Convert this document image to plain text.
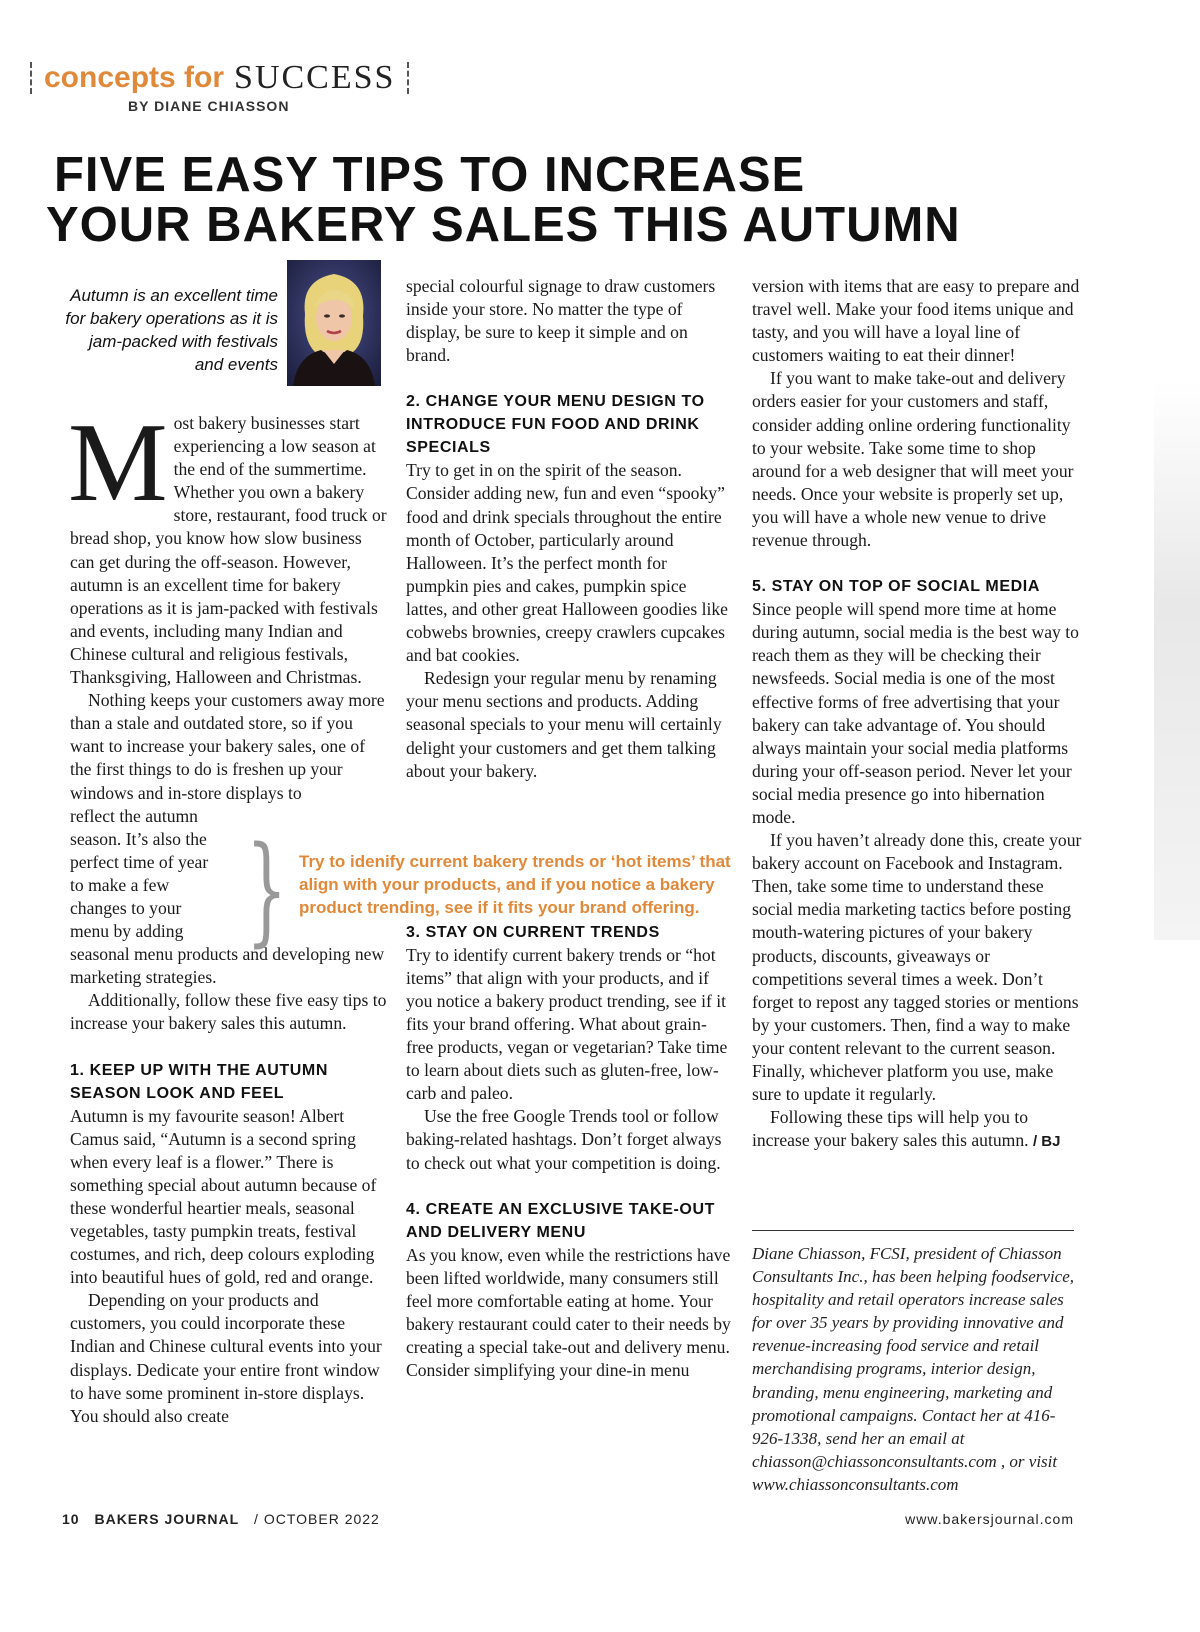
concepts for SUCCESS
BY DIANE CHIASSON
FIVE EASY TIPS TO INCREASE
YOUR BAKERY SALES THIS AUTUMN
Autumn is an excellent time for bakery operations as it is jam-packed with festivals and events

Most bakery businesses start experiencing a low season at the end of the summertime. Whether you own a bakery store, restaurant, food truck or bread shop, you know how slow business can get during the off-season. However, autumn is an excellent time for bakery operations as it is jam-packed with festivals and events, including many Indian and Chinese cultural and religious festivals, Thanksgiving, Halloween and Christmas.

Nothing keeps your customers away more than a stale and outdated store, so if you want to increase your bakery sales, one of the first things to do is freshen up your windows and in-store displays to

reflect the autumn season. It’s also the perfect time of year to make a few changes to your menu by adding

seasonal menu products and developing new marketing strategies.

Additionally, follow these five easy tips to increase your bakery sales this autumn.

1. KEEP UP WITH THE AUTUMN SEASON LOOK AND FEEL

Autumn is my favourite season! Albert Camus said, “Autumn is a second spring when every leaf is a flower.” There is something special about autumn because of these wonderful heartier meals, seasonal vegetables, tasty pumpkin treats, festival costumes, and rich, deep colours exploding into beautiful hues of gold, red and orange.

Depending on your products and customers, you could incorporate these Indian and Chinese cultural events into your displays. Dedicate your entire front window to have some prominent in-store displays. You should also create

special colourful signage to draw customers inside your store. No matter the type of display, be sure to keep it simple and on brand.

2. CHANGE YOUR MENU DESIGN TO INTRODUCE FUN FOOD AND DRINK SPECIALS

Try to get in on the spirit of the season. Consider adding new, fun and even “spooky” food and drink specials throughout the entire month of October, particularly around Halloween. It’s the perfect month for pumpkin pies and cakes, pumpkin spice lattes, and other great Halloween goodies like cobwebs brownies, creepy crawlers cupcakes and bat cookies.

Redesign your regular menu by renaming your menu sections and products. Adding seasonal specials to your menu will certainly delight your customers and get them talking about your bakery.

3. STAY ON CURRENT TRENDS

Try to identify current bakery trends or “hot items” that align with your products, and if you notice a bakery product trending, see if it fits your brand offering. What about grain-free products, vegan or vegetarian? Take time to learn about diets such as gluten-free, low-carb and paleo.

Use the free Google Trends tool or follow baking-related hashtags. Don’t forget always to check out what your competition is doing.

4. CREATE AN EXCLUSIVE TAKE-OUT AND DELIVERY MENU

As you know, even while the restrictions have been lifted worldwide, many consumers still feel more comfortable eating at home. Your bakery restaurant could cater to their needs by creating a special take-out and delivery menu. Consider simplifying your dine-in menu

} Try to idenify current bakery trends or ‘hot items’ that align with your products, and if you notice a bakery product trending, see if it fits your brand offering.

version with items that are easy to prepare and travel well. Make your food items unique and tasty, and you will have a loyal line of customers waiting to eat their dinner!

If you want to make take-out and delivery orders easier for your customers and staff, consider adding online ordering functionality to your website. Take some time to shop around for a web designer that will meet your needs. Once your website is properly set up, you will have a whole new venue to drive revenue through.

5. STAY ON TOP OF SOCIAL MEDIA

Since people will spend more time at home during autumn, social media is the best way to reach them as they will be checking their newsfeeds. Social media is one of the most effective forms of free advertising that your bakery can take advantage of. You should always maintain your social media platforms during your off-season period. Never let your social media presence go into hibernation mode.

If you haven’t already done this, create your bakery account on Facebook and Instagram. Then, take some time to understand these social media marketing tactics before posting mouth-watering pictures of your bakery products, discounts, giveaways or competitions several times a week. Don’t forget to repost any tagged stories or mentions by your customers. Then, find a way to make your content relevant to the current season. Finally, whichever platform you use, make sure to update it regularly.

Following these tips will help you to increase your bakery sales this autumn. / BJ

Diane Chiasson, FCSI, president of Chiasson Consultants Inc., has been helping foodservice, hospitality and retail operators increase sales for over 35 years by providing innovative and revenue-increasing food service and retail merchandising programs, interior design, branding, menu engineering, marketing and promotional campaigns. Contact her at 416-926-1338, send her an email at chiasson@chiassonconsultants.com , or visit www.chiassonconsultants.com
10 BAKERS JOURNAL / OCTOBER 2022	www.bakersjournal.com
